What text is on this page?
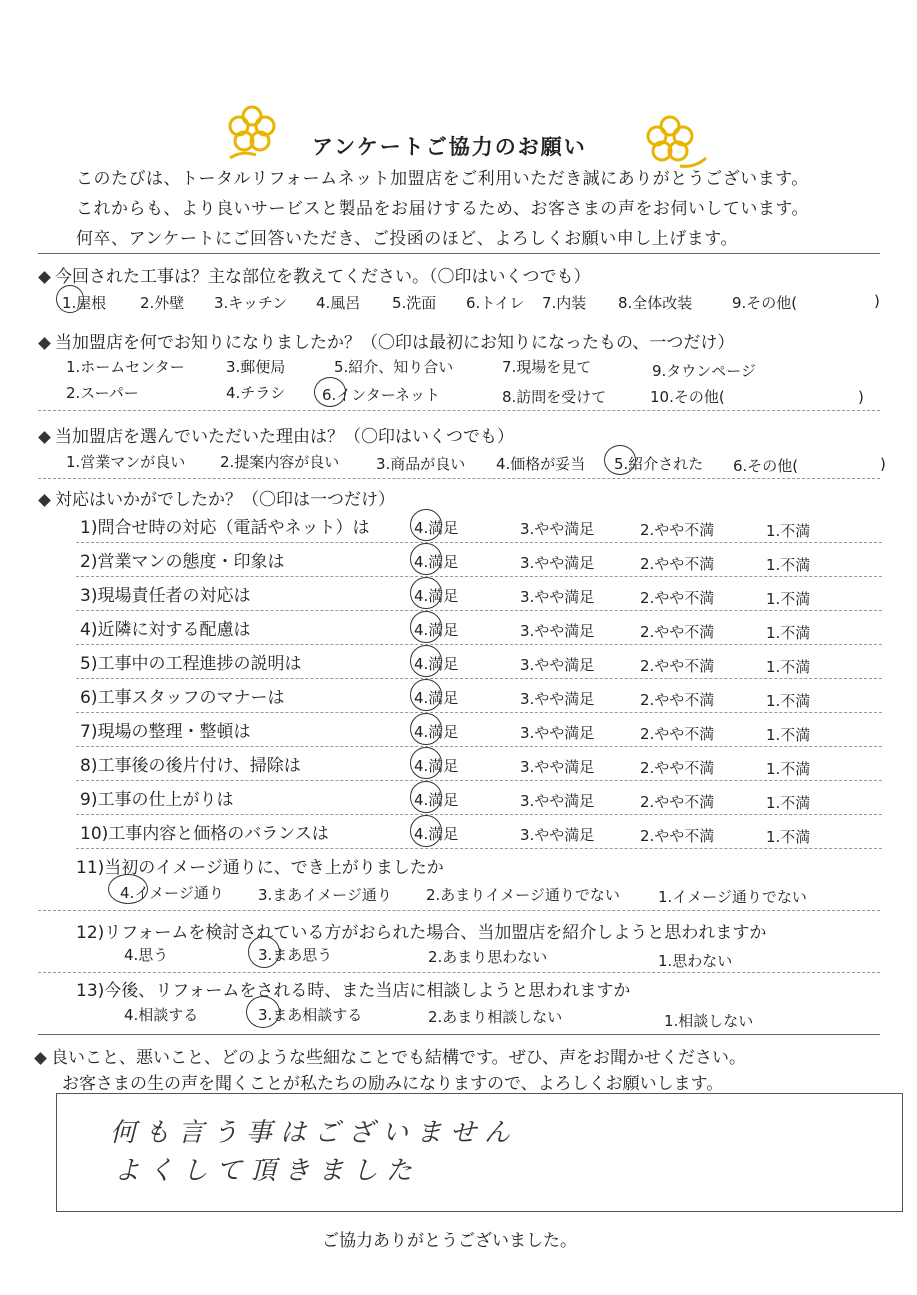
アンケートご協力のお願い
このたびは、トータルリフォームネット加盟店をご利用いただき誠にありがとうございます。
これからも、より良いサービスと製品をお届けするため、お客さまの声をお伺いしています。
何卒、アンケートにご回答いただき、ご投函のほど、よろしくお願い申し上げます。
今回された工事は？主な部位を教えてください。（〇印はいくつでも）
1.屋根 2.外壁 3.キッチン 4.風呂 5.洗面 6.トイレ 7.内装 8.全体改装	9.その他(	)
当加盟店を何でお知りになりましたか？（〇印は最初にお知りになったもの、一つだけ）
1.ホームセンター	3.郵便局	5.紹介、知り合い	7.現場を見て	9.タウンページ
2.スーパー	4.チラシ 6.インターネット	8.訪問を受けて	10.その他(	)
当加盟店を選んでいただいた理由は？（〇印はいくつでも）
1.営業マンが良い 2.提案内容が良い 3.商品が良い 4.価格が妥当 5.紹介された 6.その他(	)
対応はいかがでしたか？（〇印は一つだけ）
1)問合せ時の対応（電話やネット）は	4.満足	3.やや満足	2.やや不満	1.不満
2)営業マンの態度・印象は	4.満足	3.やや満足	2.やや不満	1.不満
3)現場責任者の対応は	4.満足	3.やや満足	2.やや不満	1.不満
4)近隣に対する配慮は	4.満足	3.やや満足	2.やや不満	1.不満
5)工事中の工程進捗の説明は	4.満足	3.やや満足	2.やや不満	1.不満
6)工事スタッフのマナーは	4.満足	3.やや満足	2.やや不満	1.不満
7)現場の整理・整頓は	4.満足	3.やや満足	2.やや不満	1.不満
8)工事後の後片付け、掃除は	4.満足	3.やや満足	2.やや不満	1.不満
9)工事の仕上がりは	4.満足	3.やや満足	2.やや不満	1.不満
10)工事内容と価格のバランスは	4.満足	3.やや満足	2.やや不満	1.不満
11)当初のイメージ通りに、でき上がりましたか
4.イメージ通り 3.まあイメージ通り 2.あまりイメージ通りでない	1.イメージ通りでない
12)リフォームを検討されている方がおられた場合、当加盟店を紹介しようと思われますか
4.思う	3.まあ思う	2.あまり思わない	1.思わない
13)今後、リフォームをされる時、また当店に相談しようと思われますか
4.相談する	3.まあ相談する	2.あまり相談しない	1.相談しない
良いこと、悪いこと、どのような些細なことでも結構です。ぜひ、声をお聞かせください。
お客さまの生の声を聞くことが私たちの励みになりますので、よろしくお願いします。
何も言う事はございません
よくして頂きました
ご協力ありがとうございました。
